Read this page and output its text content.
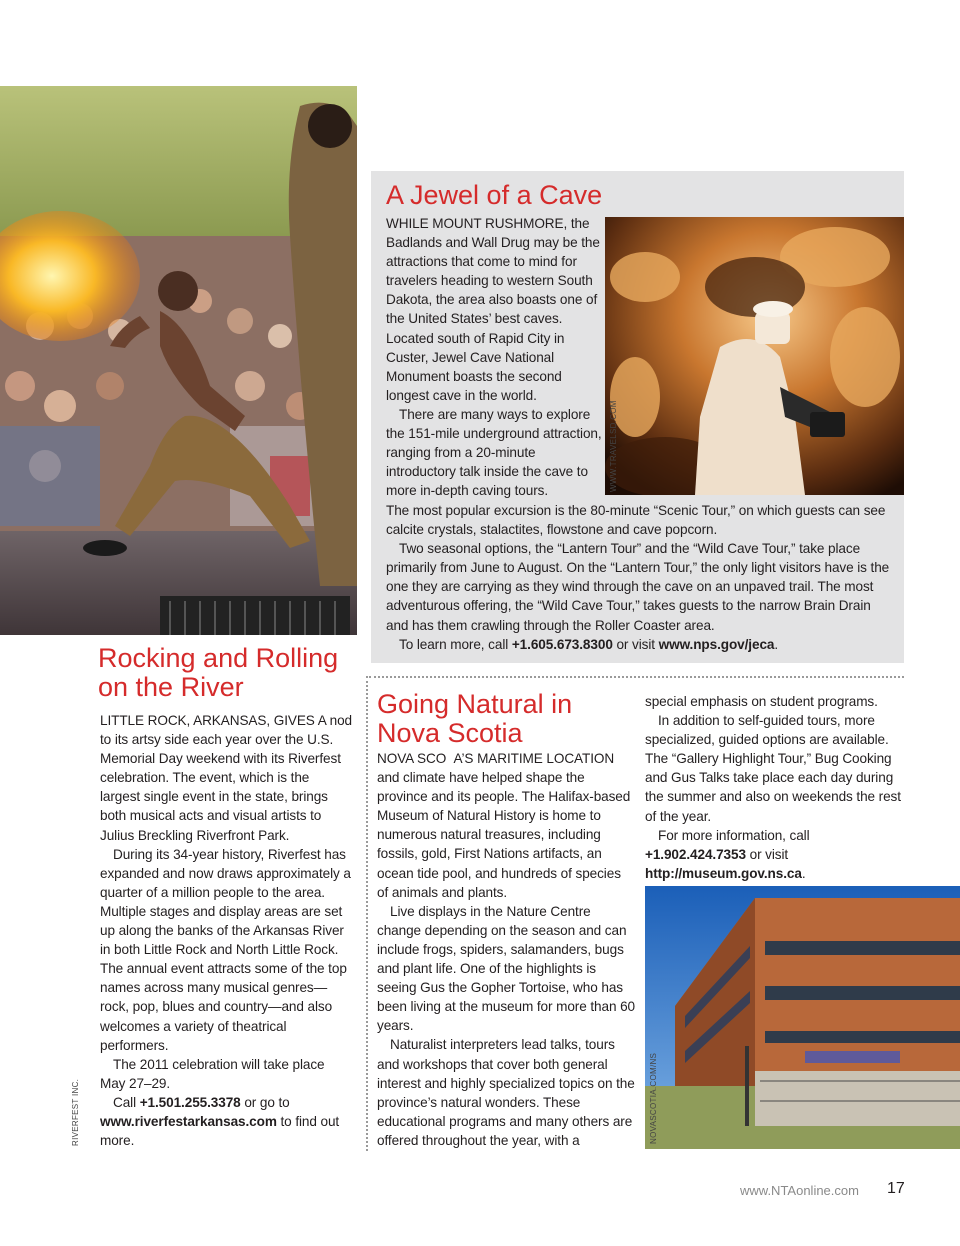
RIVERFEST INC.
A Jewel of a Cave
WWW.TRAVELSD.COM

WHILE MOUNT RUSHMORE, the Badlands and Wall Drug may be the attractions that come to mind for travelers heading to western South Dakota, the area also boasts one of the United States’ best caves. Located south of Rapid City in Custer, Jewel Cave National Monument boasts the second longest cave in the world.

There are many ways to explore the 151-mile underground attraction, ranging from a 20-minute introductory talk inside the cave to more in-depth caving tours.

The most popular excursion is the 80-minute “Scenic Tour,” on which guests can see calcite crystals, stalactites, flowstone and cave popcorn.

Two seasonal options, the “Lantern Tour” and the “Wild Cave Tour,” take place primarily from June to August. On the “Lantern Tour,” the only light visitors have is the one they are carrying as they wind through the cave on an unpaved trail. The most adventurous offering, the “Wild Cave Tour,” takes guests to the narrow Brain Drain and has them crawling through the Roller Coaster area.

To learn more, call +1.605.673.8300 or visit www.nps.gov/jeca.

Rocking and Rolling
on the River

LITTLE ROCK, ARKANSAS, GIVES A nod to its artsy side each year over the U.S. Memorial Day weekend with its Riverfest celebration. The event, which is the largest single event in the state, brings both musical acts and visual artists to Julius Breckling Riverfront Park.

During its 34-year history, Riverfest has expanded and now draws approximately a quarter of a million people to the area. Multiple stages and display areas are set up along the banks of the Arkansas River in both Little Rock and North Little Rock. The annual event attracts some of the top names across many musical genres—rock, pop, blues and country—and also welcomes a variety of theatrical performers.

The 2011 celebration will take place May 27–29.

Call +1.501.255.3378 or go to www.riverfestarkansas.com to find out more.

Going Natural in
Nova Scotia

NOVA SCO  A’S MARITIME LOCATION and climate have helped shape the province and its people. The Halifax-based Museum of Natural History is home to numerous natural treasures, including fossils, gold, First Nations artifacts, an ocean tide pool, and hundreds of species of animals and plants.

Live displays in the Nature Centre change depending on the season and can include frogs, spiders, salamanders, bugs and plant life. One of the highlights is seeing Gus the Gopher Tortoise, who has been living at the museum for more than 60 years.

Naturalist interpreters lead talks, tours and workshops that cover both general interest and highly specialized topics on the province’s natural wonders. These educational programs and many others are offered throughout the year, with a

special emphasis on student programs.

In addition to self-guided tours, more specialized, guided options are available. The “Gallery Highlight Tour,” Bug Cooking and Gus Talks take place each day during the summer and also on weekends the rest of the year.

For more information, call +1.902.424.7353 or visit http://museum.gov.ns.ca.

NOVASCOTIA.COM/NS
www.NTAonline.com 17
